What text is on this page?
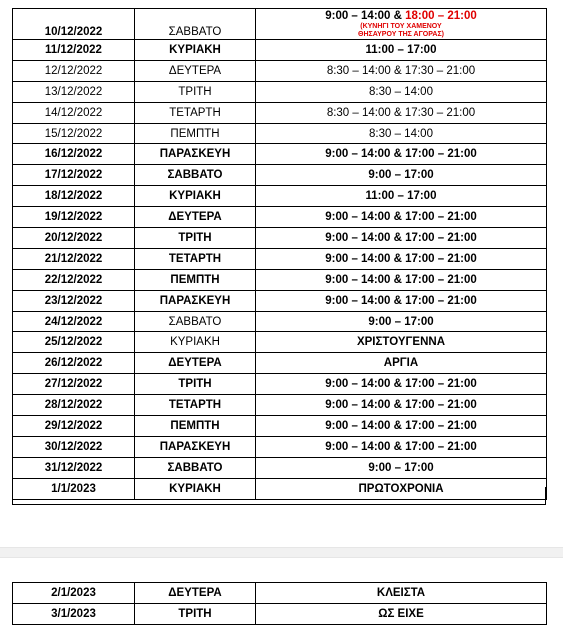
10/12/2022	ΣΑΒΒΑΤΟ	9:00 – 14:00 & 18:00 – 21:00
(ΚΥΝΗΓΙ ΤΟΥ ΧΑΜΕΝΟΥ
ΘΗΣΑΥΡΟΥ ΤΗΣ ΑΓΟΡΑΣ)

11/12/2022	ΚΥΡΙΑΚΗ	11:00 – 17:00
12/12/2022	ΔΕΥΤΕΡΑ	8:30 – 14:00 & 17:30 – 21:00
13/12/2022	ΤΡΙΤΗ	8:30 – 14:00
14/12/2022	ΤΕΤΑΡΤΗ	8:30 – 14:00 & 17:30 – 21:00
15/12/2022	ΠΕΜΠΤΗ	8:30 – 14:00
16/12/2022	ΠΑΡΑΣΚΕΥΗ	9:00 – 14:00 & 17:00 – 21:00
17/12/2022	ΣΑΒΒΑΤΟ	9:00 – 17:00
18/12/2022	ΚΥΡΙΑΚΗ	11:00 – 17:00
19/12/2022	ΔΕΥΤΕΡΑ	9:00 – 14:00 & 17:00 – 21:00
20/12/2022	ΤΡΙΤΗ	9:00 – 14:00 & 17:00 – 21:00
21/12/2022	ΤΕΤΑΡΤΗ	9:00 – 14:00 & 17:00 – 21:00
22/12/2022	ΠΕΜΠΤΗ	9:00 – 14:00 & 17:00 – 21:00
23/12/2022	ΠΑΡΑΣΚΕΥΗ	9:00 – 14:00 & 17:00 – 21:00
24/12/2022	ΣΑΒΒΑΤΟ	9:00 – 17:00
25/12/2022	ΚΥΡΙΑΚΗ	ΧΡΙΣΤΟΥΓΕΝΝΑ
26/12/2022	ΔΕΥΤΕΡΑ	ΑΡΓΙΑ
27/12/2022	ΤΡΙΤΗ	9:00 – 14:00 & 17:00 – 21:00
28/12/2022	ΤΕΤΑΡΤΗ	9:00 – 14:00 & 17:00 – 21:00
29/12/2022	ΠΕΜΠΤΗ	9:00 – 14:00 & 17:00 – 21:00
30/12/2022	ΠΑΡΑΣΚΕΥΗ	9:00 – 14:00 & 17:00 – 21:00
31/12/2022	ΣΑΒΒΑΤΟ	9:00 – 17:00
1/1/2023	ΚΥΡΙΑΚΗ	ΠΡΩΤΟΧΡΟΝΙΑ
2/1/2023	ΔΕΥΤΕΡΑ	ΚΛΕΙΣΤΑ
3/1/2023	ΤΡΙΤΗ	ΩΣ ΕΙΧΕ
